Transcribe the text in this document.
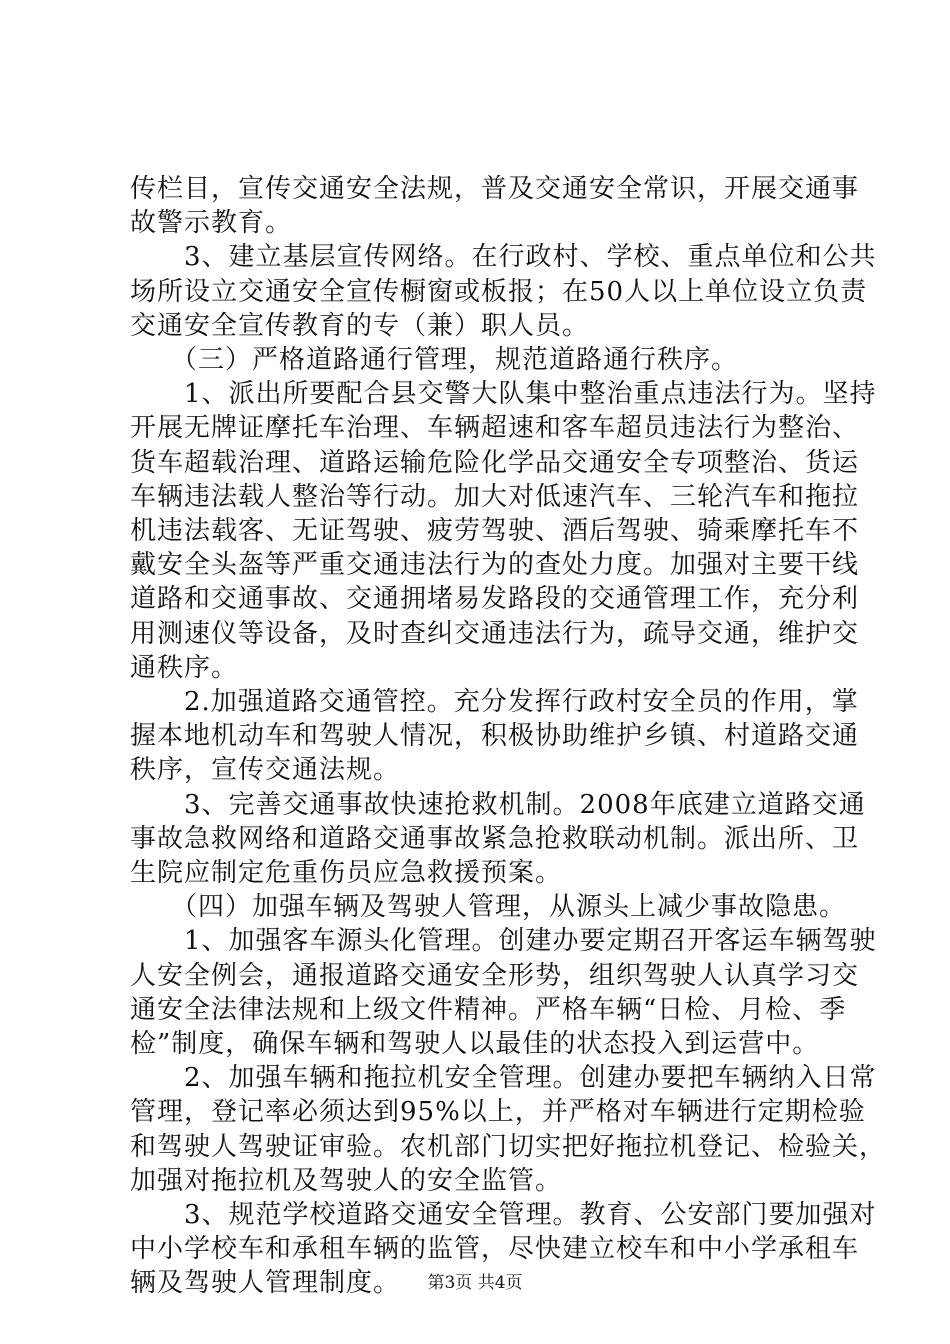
传栏目，宣传交通安全法规，普及交通安全常识，开展交通事
故警示教育。
　　3、建立基层宣传网络。在行政村、学校、重点单位和公共
场所设立交通安全宣传橱窗或板报；在50人以上单位设立负责
交通安全宣传教育的专（兼）职人员。
　　（三）严格道路通行管理，规范道路通行秩序。
　　1、派出所要配合县交警大队集中整治重点违法行为。坚持
开展无牌证摩托车治理、车辆超速和客车超员违法行为整治、
货车超载治理、道路运输危险化学品交通安全专项整治、货运
车辆违法载人整治等行动。加大对低速汽车、三轮汽车和拖拉
机违法载客、无证驾驶、疲劳驾驶、酒后驾驶、骑乘摩托车不
戴安全头盔等严重交通违法行为的查处力度。加强对主要干线
道路和交通事故、交通拥堵易发路段的交通管理工作，充分利
用测速仪等设备，及时查纠交通违法行为，疏导交通，维护交
通秩序。
　　2.加强道路交通管控。充分发挥行政村安全员的作用，掌
握本地机动车和驾驶人情况，积极协助维护乡镇、村道路交通
秩序，宣传交通法规。
　　3、完善交通事故快速抢救机制。2008年底建立道路交通
事故急救网络和道路交通事故紧急抢救联动机制。派出所、卫
生院应制定危重伤员应急救援预案。
　　（四）加强车辆及驾驶人管理，从源头上减少事故隐患。
　　1、加强客车源头化管理。创建办要定期召开客运车辆驾驶
人安全例会，通报道路交通安全形势，组织驾驶人认真学习交
通安全法律法规和上级文件精神。严格车辆“日检、月检、季
检”制度，确保车辆和驾驶人以最佳的状态投入到运营中。
　　2、加强车辆和拖拉机安全管理。创建办要把车辆纳入日常
管理，登记率必须达到95%以上，并严格对车辆进行定期检验
和驾驶人驾驶证审验。农机部门切实把好拖拉机登记、检验关，
加强对拖拉机及驾驶人的安全监管。
　　3、规范学校道路交通安全管理。教育、公安部门要加强对
中小学校车和承租车辆的监管，尽快建立校车和中小学承租车
辆及驾驶人管理制度。	第3页 共4页
